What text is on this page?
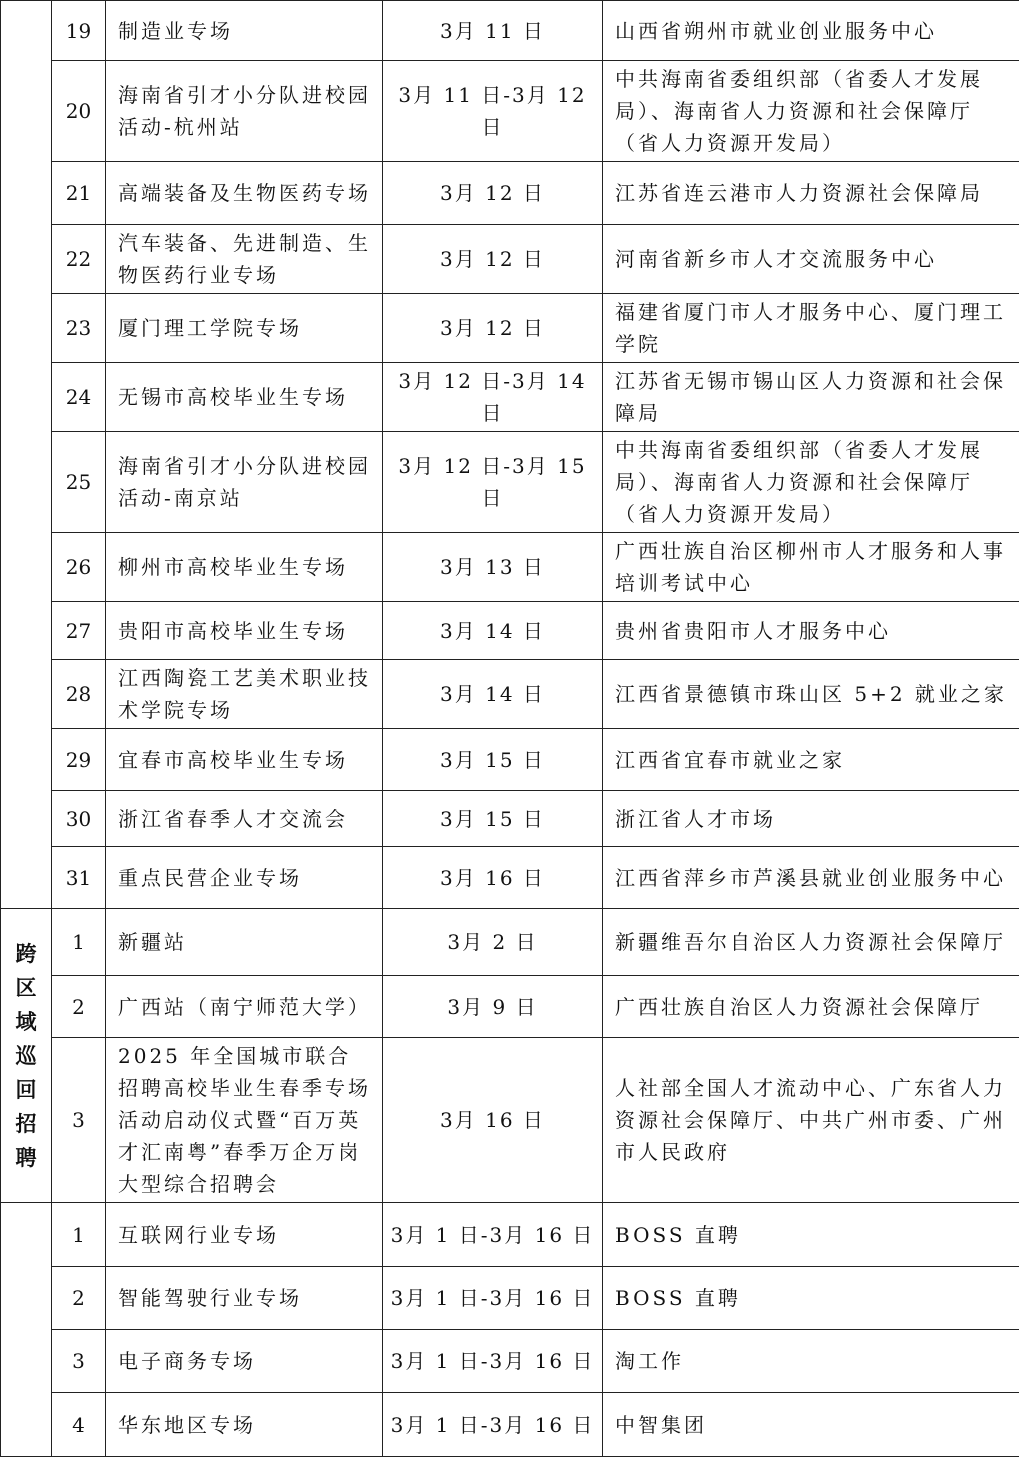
	19	制造业专场	3月 11 日	山西省朔州市就业创业服务中心
	20	海南省引才小分队进校园活动-杭州站	3月 11 日-3月 12 日	中共海南省委组织部（省委人才发展局）、海南省人力资源和社会保障厅（省人力资源开发局）
	21	高端装备及生物医药专场	3月 12 日	江苏省连云港市人力资源社会保障局
	22	汽车装备、先进制造、生物医药行业专场	3月 12 日	河南省新乡市人才交流服务中心
	23	厦门理工学院专场	3月 12 日	福建省厦门市人才服务中心、厦门理工学院
	24	无锡市高校毕业生专场	3月 12 日-3月 14 日	江苏省无锡市锡山区人力资源和社会保障局
	25	海南省引才小分队进校园活动-南京站	3月 12 日-3月 15 日	中共海南省委组织部（省委人才发展局）、海南省人力资源和社会保障厅（省人力资源开发局）
	26	柳州市高校毕业生专场	3月 13 日	广西壮族自治区柳州市人才服务和人事培训考试中心
	27	贵阳市高校毕业生专场	3月 14 日	贵州省贵阳市人才服务中心
	28	江西陶瓷工艺美术职业技术学院专场	3月 14 日	江西省景德镇市珠山区 5+2 就业之家
	29	宜春市高校毕业生专场	3月 15 日	江西省宜春市就业之家
	30	浙江省春季人才交流会	3月 15 日	浙江省人才市场
	31	重点民营企业专场	3月 16 日	江西省萍乡市芦溪县就业创业服务中心
跨区域巡回招聘	1	新疆站	3月 2 日	新疆维吾尔自治区人力资源社会保障厅
	2	广西站（南宁师范大学）	3月 9 日	广西壮族自治区人力资源社会保障厅
	3	2025 年全国城市联合招聘高校毕业生春季专场活动启动仪式暨“百万英才汇南粤”春季万企万岗大型综合招聘会	3月 16 日	人社部全国人才流动中心、广东省人力资源社会保障厅、中共广州市委、广州市人民政府
	1	互联网行业专场	3月 1 日-3月 16 日	BOSS 直聘
	2	智能驾驶行业专场	3月 1 日-3月 16 日	BOSS 直聘
	3	电子商务专场	3月 1 日-3月 16 日	淘工作
	4	华东地区专场	3月 1 日-3月 16 日	中智集团
